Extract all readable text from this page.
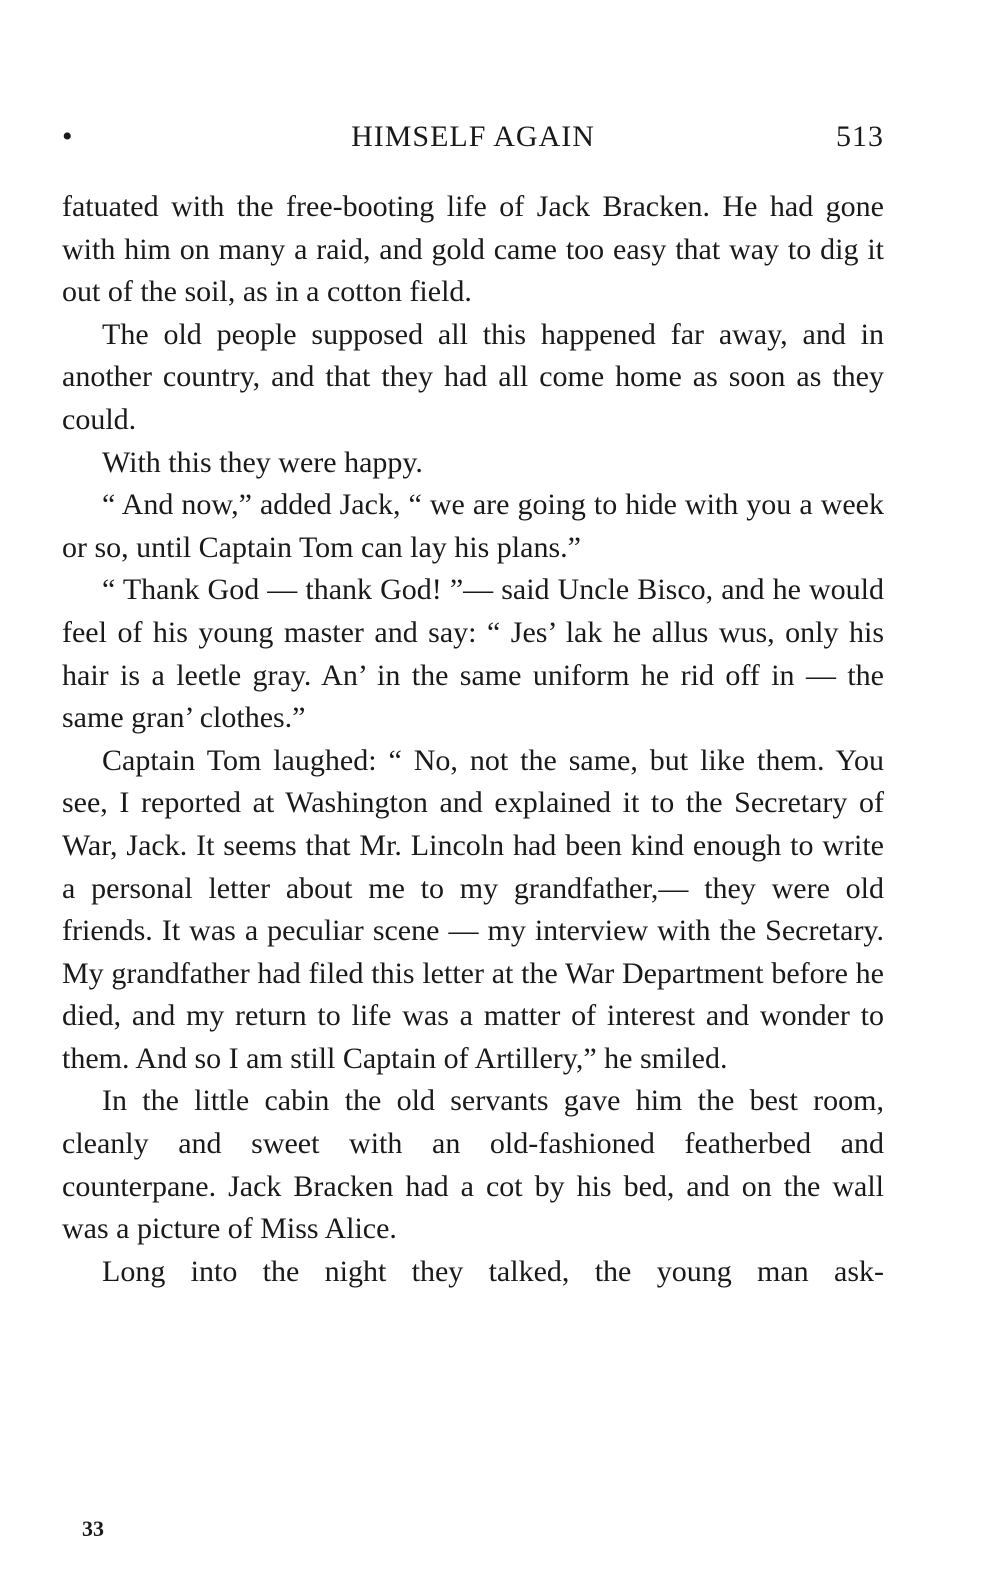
•	HIMSELF AGAIN	513

fatuated with the free-booting life of Jack Bracken. He had gone with him on many a raid, and gold came too easy that way to dig it out of the soil, as in a cotton field.

The old people supposed all this happened far away, and in another country, and that they had all come home as soon as they could.

With this they were happy.

“ And now,” added Jack, “ we are going to hide with you a week or so, until Captain Tom can lay his plans.”

“ Thank God — thank God! ”— said Uncle Bisco, and he would feel of his young master and say: “ Jes’ lak he allus wus, only his hair is a leetle gray. An’ in the same uniform he rid off in — the same gran’ clothes.”

Captain Tom laughed: “ No, not the same, but like them. You see, I reported at Washington and explained it to the Secretary of War, Jack. It seems that Mr. Lincoln had been kind enough to write a personal letter about me to my grandfather,— they were old friends. It was a peculiar scene — my interview with the Secretary. My grandfather had filed this letter at the War Department before he died, and my return to life was a matter of interest and wonder to them. And so I am still Captain of Artillery,” he smiled.

In the little cabin the old servants gave him the best room, cleanly and sweet with an old-fashioned featherbed and counterpane. Jack Bracken had a cot by his bed, and on the wall was a picture of Miss Alice.

Long into the night they talked, the young man ask-

33
